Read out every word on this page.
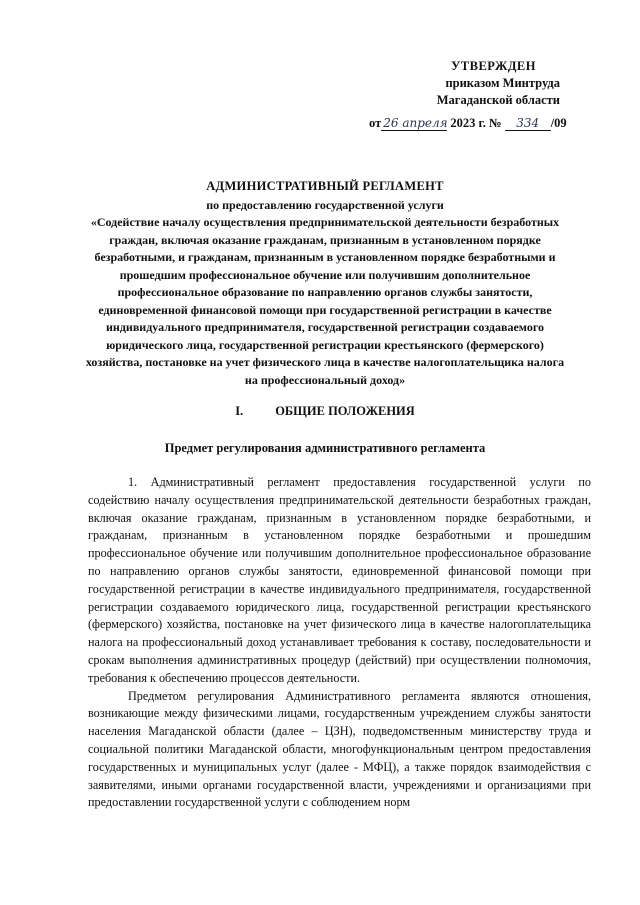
УТВЕРЖДЕН
приказом Минтруда
Магаданской области
от 26 апреля 2023 г. № 334 /09
АДМИНИСТРАТИВНЫЙ РЕГЛАМЕНТ
по предоставлению государственной услуги
«Содействие началу осуществления предпринимательской деятельности безработных граждан, включая оказание гражданам, признанным в установленном порядке безработными, и гражданам, признанным в установленном порядке безработными и прошедшим профессиональное обучение или получившим дополнительное профессиональное образование по направлению органов службы занятости, единовременной финансовой помощи при государственной регистрации в качестве индивидуального предпринимателя, государственной регистрации создаваемого юридического лица, государственной регистрации крестьянского (фермерского) хозяйства, постановке на учет физического лица в качестве налогоплательщика налога на профессиональный доход»
I.	ОБЩИЕ ПОЛОЖЕНИЯ
Предмет регулирования административного регламента

1. Административный регламент предоставления государственной услуги по содействию началу осуществления предпринимательской деятельности безработных граждан, включая оказание гражданам, признанным в установленном порядке безработными, и гражданам, признанным в установленном порядке безработными и прошедшим профессиональное обучение или получившим дополнительное профессиональное образование по направлению органов службы занятости, единовременной финансовой помощи при государственной регистрации в качестве индивидуального предпринимателя, государственной регистрации создаваемого юридического лица, государственной регистрации крестьянского (фермерского) хозяйства, постановке на учет физического лица в качестве налогоплательщика налога на профессиональный доход устанавливает требования к составу, последовательности и срокам выполнения административных процедур (действий) при осуществлении полномочия, требования к обеспечению процессов деятельности.

Предметом регулирования Административного регламента являются отношения, возникающие между физическими лицами, государственным учреждением службы занятости населения Магаданской области (далее – ЦЗН), подведомственным министерству труда и социальной политики Магаданской области, многофункциональным центром предоставления государственных и муниципальных услуг (далее - МФЦ), а также порядок взаимодействия с заявителями, иными органами государственной власти, учреждениями и организациями при предоставлении государственной услуги с соблюдением норм
